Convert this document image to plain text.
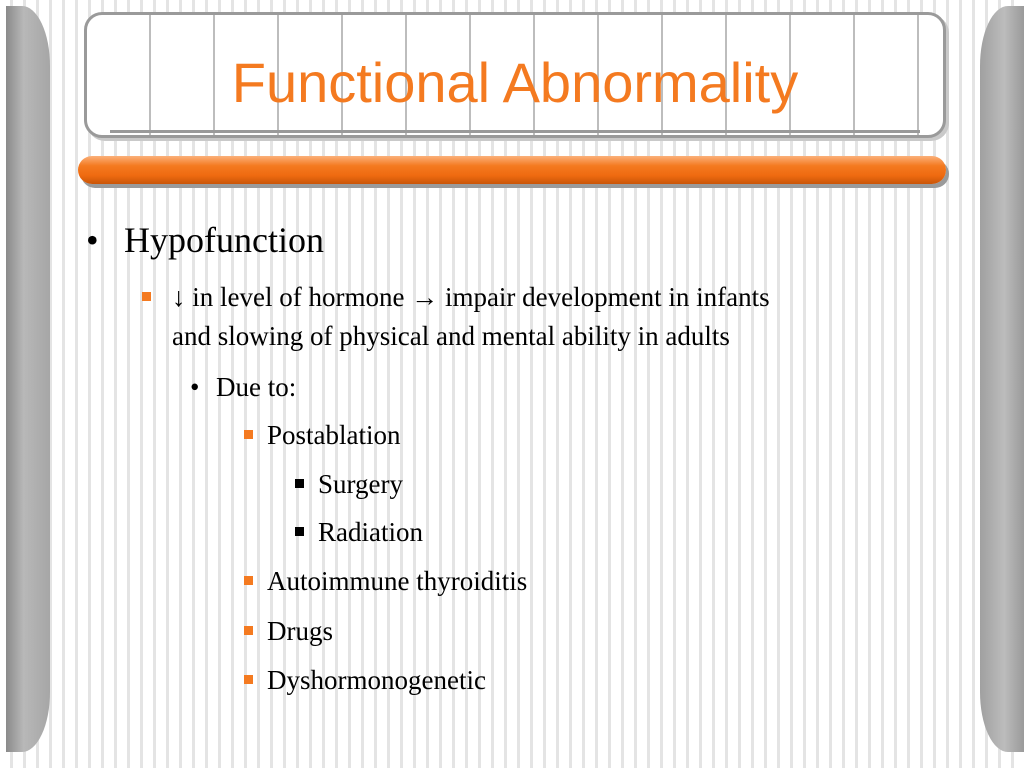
Functional Abnormality
• Hypofunction
↓ in level of hormone → impair development in infants
and slowing of physical and mental ability in adults
• Due to:
Postablation
Surgery
Radiation
Autoimmune thyroiditis
Drugs
Dyshormonogenetic
